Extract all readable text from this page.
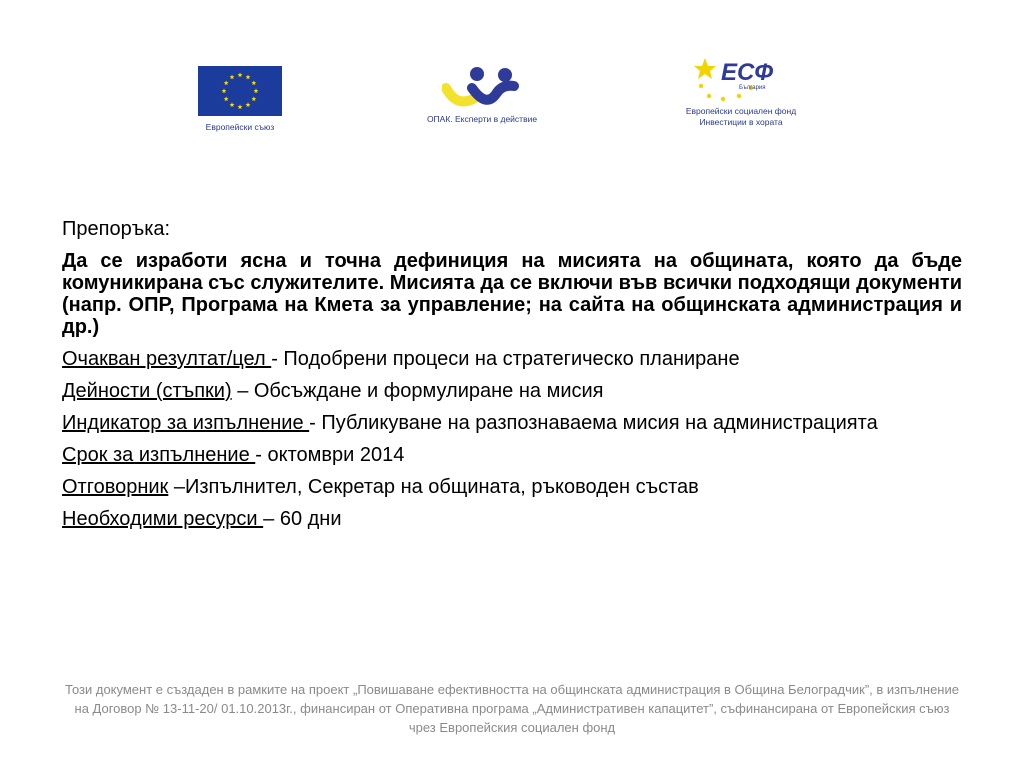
Европейски съюз
ОПАК. Експерти в действие
ЕСФ
България
Европейски социален фонд
Инвестиции в хората

Препоръка:

Да се изработи ясна и точна дефиниция на мисията на общината, която да бъде комуникирана със служителите. Мисията да се включи във всички подходящи документи (напр. ОПР, Програма на Кмета за управление; на сайта на общинската администрация и др.)

Очакван резултат/цел - Подобрени процеси на стратегическо планиране

Дейности (стъпки) – Обсъждане и формулиране на мисия

Индикатор за изпълнение - Публикуване на разпознаваема мисия на администрацията

Срок за изпълнение - октомври 2014

Отговорник –Изпълнител, Секретар на общината, ръководен състав

Необходими ресурси – 60 дни

Този документ е създаден в рамките на проект „Повишаване ефективността на общинската администрация в Община Белоградчик”, в изпълнение на Договор № 13-11-20/ 01.10.2013г., финансиран от Оперативна програма „Административен капацитет”, съфинансирана от Европейския съюз чрез Европейския социален фонд
